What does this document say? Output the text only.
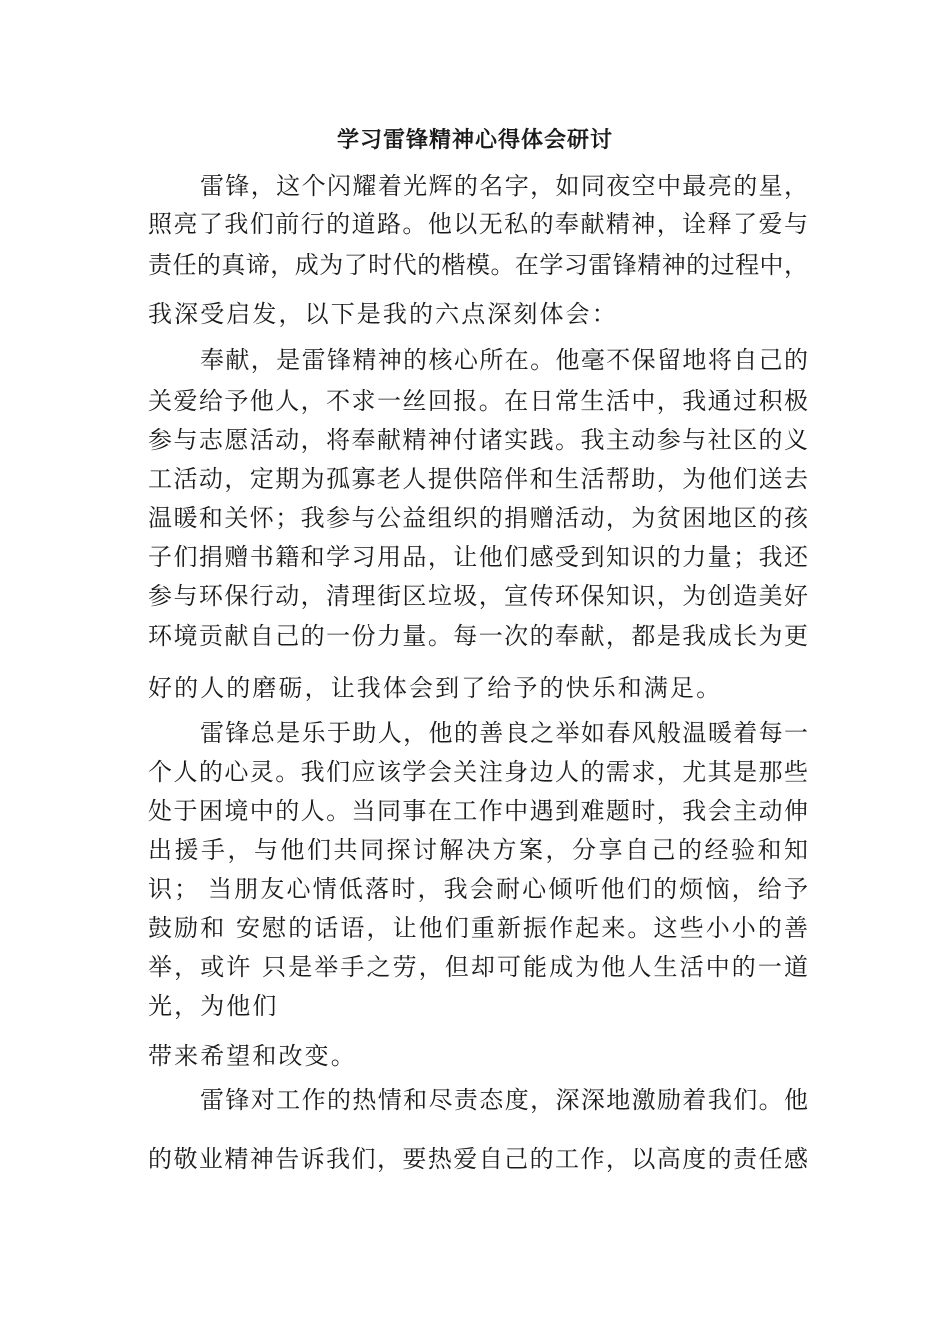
学习雷锋精神心得体会研讨
雷锋，这个闪耀着光辉的名字，如同夜空中最亮的星，
照亮了我们前行的道路。他以无私的奉献精神，诠释了爱与
责任的真谛，成为了时代的楷模。在学习雷锋精神的过程中，
我深受启发，以下是我的六点深刻体会：
奉献，是雷锋精神的核心所在。他毫不保留地将自己的
关爱给予他人，不求一丝回报。在日常生活中，我通过积极
参与志愿活动，将奉献精神付诸实践。我主动参与社区的义
工活动，定期为孤寡老人提供陪伴和生活帮助，为他们送去
温暖和关怀；我参与公益组织的捐赠活动，为贫困地区的孩
子们捐赠书籍和学习用品，让他们感受到知识的力量；我还
参与环保行动，清理街区垃圾，宣传环保知识，为创造美好
环境贡献自己的一份力量。每一次的奉献，都是我成长为更
好的人的磨砺，让我体会到了给予的快乐和满足。
雷锋总是乐于助人，他的善良之举如春风般温暖着每一
个人的心灵。我们应该学会关注身边人的需求，尤其是那些
处于困境中的人。当同事在工作中遇到难题时，我会主动伸
出援手，与他们共同探讨解决方案，分享自己的经验和知
识； 当朋友心情低落时，我会耐心倾听他们的烦恼，给予
鼓励和 安慰的话语，让他们重新振作起来。这些小小的善
举，或许 只是举手之劳，但却可能成为他人生活中的一道
光，为他们
带来希望和改变。
雷锋对工作的热情和尽责态度，深深地激励着我们。他
的敬业精神告诉我们，要热爱自己的工作，以高度的责任感
